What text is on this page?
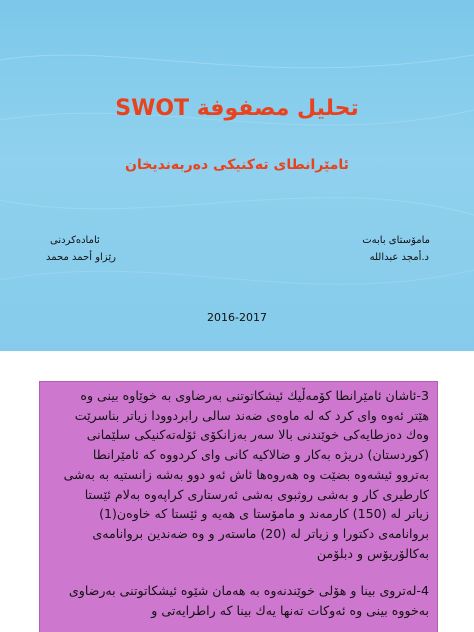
تحليل مصفوفة SWOT
ئامێرانطای تەکنیکی دەرب​ەندیخان
ئامادەکردنی
رێزاو أحمد محمد
مامۆستای بابەت
د.أمجد عبدالله
2016-2017

3-ئاشان ئامێرانطا کۆمەڵیك ئیشکاتوتنی بەرضاوی بە خوێاوە بینی وە

هێتر ئەوە وای کرد کە لە ماوەی ضەند سالی رابردوودا زیاتر بناسرێت

وەك دەزطایەکی خوێندنی بالا سەر بەزانکۆی ئۆلەتەکنیکی سلێمانی

(کوردستان) دریژە بەکار و ضالاکیە کانی وای کردووە کە ئامێرانطا

بەتروو ئیشەوە بضێت وە هەروەها ئاش ئەو دوو بەشە زانستیە بە بەشی

کارطیری کار و بەشی روثبوی بەشی ئەرستاری کراپەوە بەلام ئێستا

زیاتر لە (150) کارمەند و مامۆستا ی هەیە و ئێستا کە خاوەن(1)

بروانامەی دکتورا و زیاتر لە (20) ماستەر و وە ضەندین بروانامەی

بەکالۆریۆس و دبلۆمن

4-لەتروی بینا و هۆلی خوێندنەوە بە هەمان شێوە ئیشکاتوتنی بەرضاوی

بەخووە بینی وە ئەوکات تەنها یەك بینا کە راطرایەتی و
